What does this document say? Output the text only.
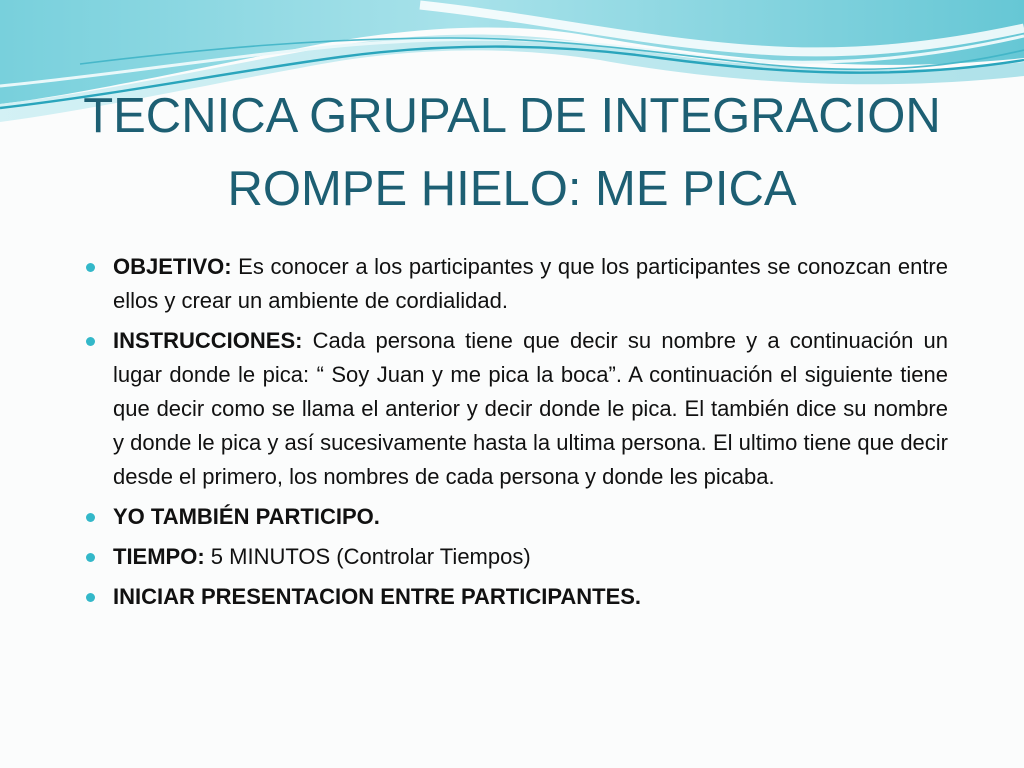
TECNICA GRUPAL DE INTEGRACION
ROMPE HIELO: ME PICA
OBJETIVO: Es conocer a los participantes y que los participantes se conozcan entre ellos y crear un ambiente de cordialidad.
INSTRUCCIONES: Cada persona tiene que decir su nombre y a continuación un lugar donde le pica: “ Soy Juan y me pica la boca”. A continuación el siguiente tiene que decir como se llama el anterior y decir donde le pica. El también dice su nombre y donde le pica y así sucesivamente hasta la ultima persona. El ultimo tiene que decir desde el primero, los nombres de cada persona y donde les picaba.
YO TAMBIÉN PARTICIPO.
TIEMPO: 5 MINUTOS (Controlar Tiempos)
INICIAR PRESENTACION ENTRE PARTICIPANTES.
